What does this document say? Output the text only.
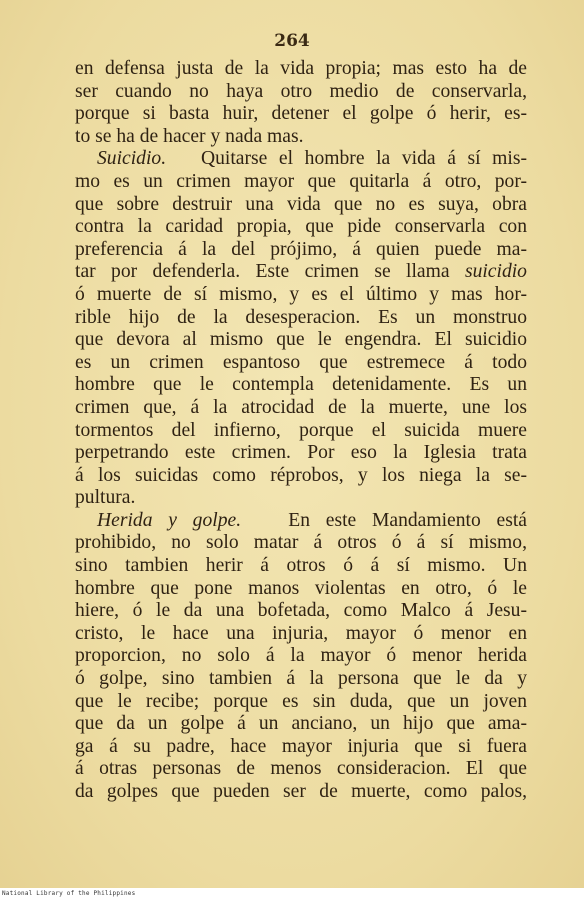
264
en defensa justa de la vida propia; mas esto ha de
ser cuando no haya otro medio de conservarla,
porque si basta huir, detener el golpe ó herir, es-
to se ha de hacer y nada mas.
Suicidio. Quitarse el hombre la vida á sí mis-
mo es un crimen mayor que quitarla á otro, por-
que sobre destruir una vida que no es suya, obra
contra la caridad propia, que pide conservarla con
preferencia á la del prójimo, á quien puede ma-
tar por defenderla. Este crimen se llama suicidio
ó muerte de sí mismo, y es el último y mas hor-
rible hijo de la desesperacion. Es un monstruo
que devora al mismo que le engendra. El suicidio
es un crimen espantoso que estremece á todo
hombre que le contempla detenidamente. Es un
crimen que, á la atrocidad de la muerte, une los
tormentos del infierno, porque el suicida muere
perpetrando este crimen. Por eso la Iglesia trata
á los suicidas como réprobos, y los niega la se-
pultura.
Herida y golpe. En este Mandamiento está
prohibido, no solo matar á otros ó á sí mismo,
sino tambien herir á otros ó á sí mismo. Un
hombre que pone manos violentas en otro, ó le
hiere, ó le da una bofetada, como Malco á Jesu-
cristo, le hace una injuria, mayor ó menor en
proporcion, no solo á la mayor ó menor herida
ó golpe, sino tambien á la persona que le da y
que le recibe; porque es sin duda, que un joven
que da un golpe á un anciano, un hijo que ama-
ga á su padre, hace mayor injuria que si fuera
á otras personas de menos consideracion. El que
da golpes que pueden ser de muerte, como palos,
National Library of the Philippines
